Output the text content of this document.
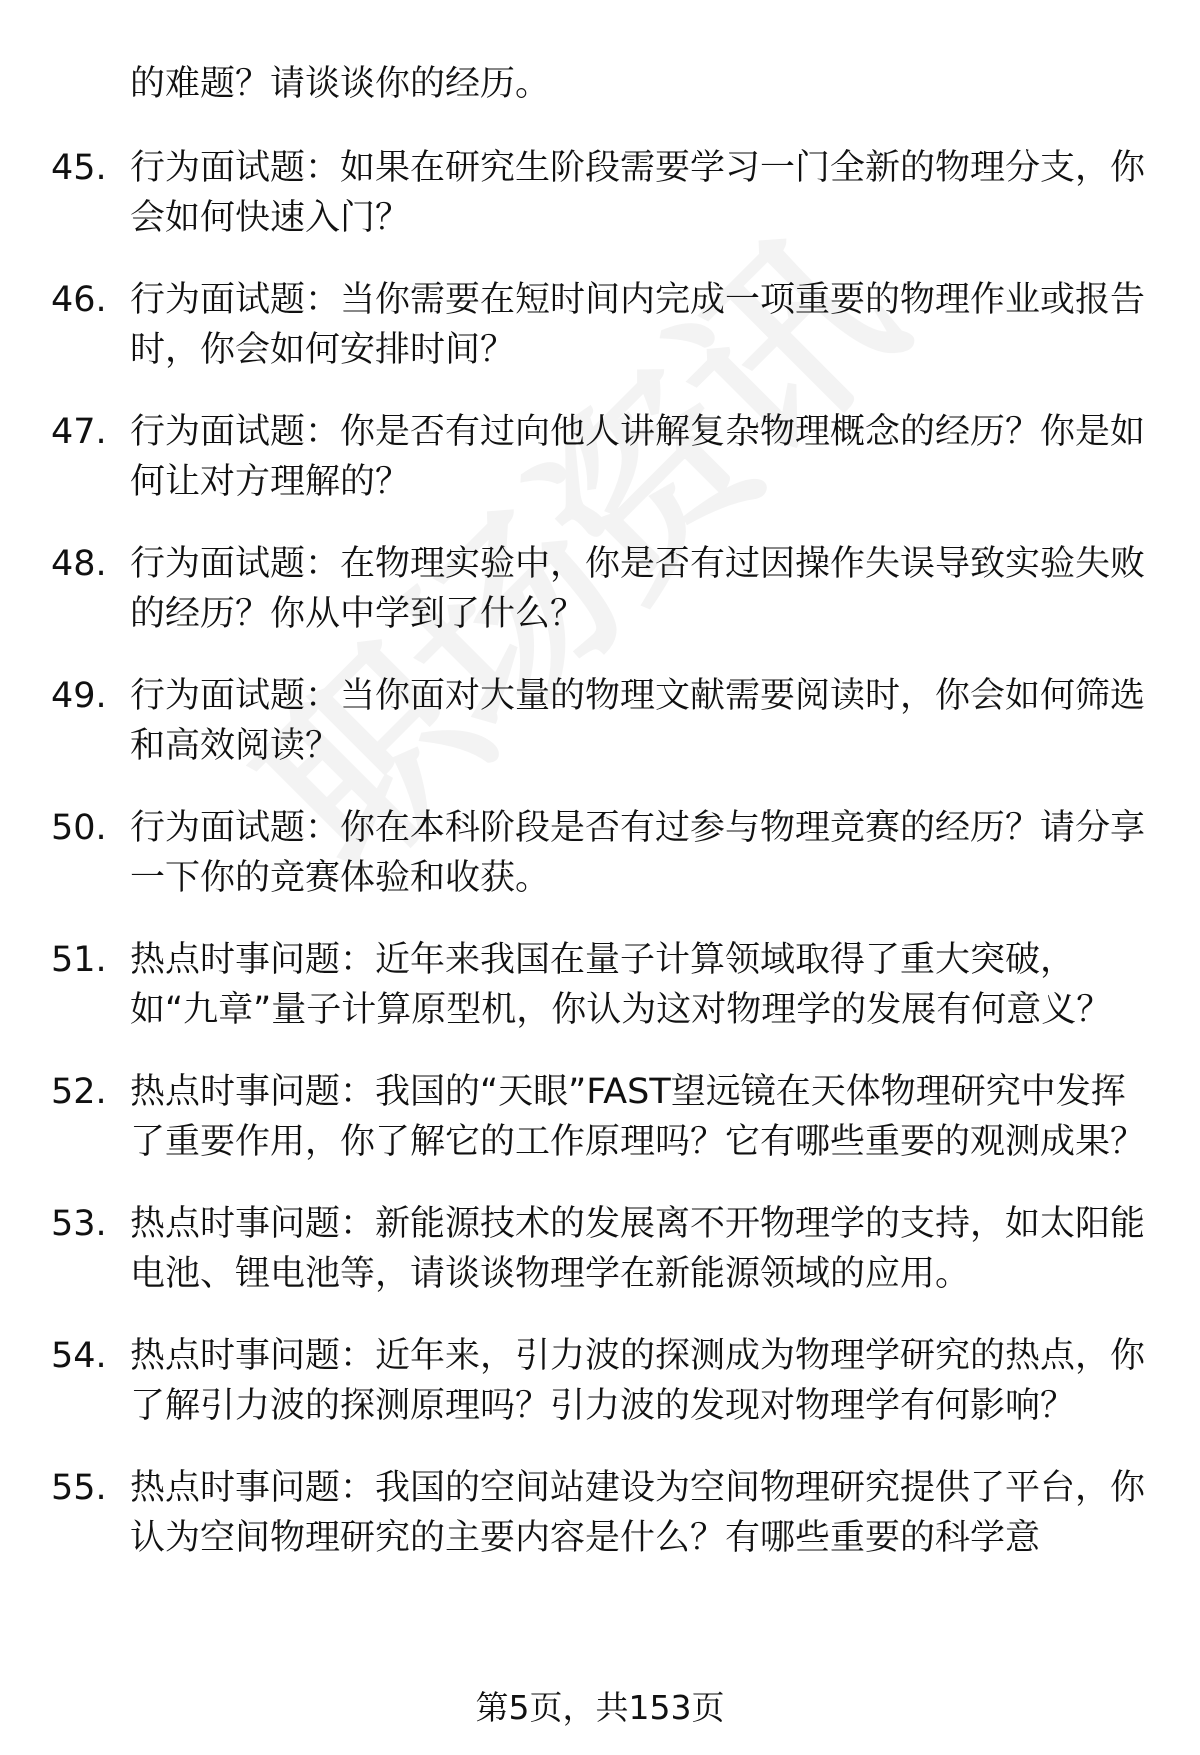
的难题？请谈谈你的经历。

45. 行为面试题：如果在研究生阶段需要学习一门全新的物理分支，你会如何快速入门？
46. 行为面试题：当你需要在短时间内完成一项重要的物理作业或报告时，你会如何安排时间？
47. 行为面试题：你是否有过向他人讲解复杂物理概念的经历？你是如何让对方理解的？
48. 行为面试题：在物理实验中，你是否有过因操作失误导致实验失败的经历？你从中学到了什么？
49. 行为面试题：当你面对大量的物理文献需要阅读时，你会如何筛选和高效阅读？
50. 行为面试题：你在本科阶段是否有过参与物理竞赛的经历？请分享一下你的竞赛体验和收获。
51. 热点时事问题：近年来我国在量子计算领域取得了重大突破，如“九章”量子计算原型机，你认为这对物理学的发展有何意义？
52. 热点时事问题：我国的“天眼”FAST望远镜在天体物理研究中发挥了重要作用，你了解它的工作原理吗？它有哪些重要的观测成果？
53. 热点时事问题：新能源技术的发展离不开物理学的支持，如太阳能电池、锂电池等，请谈谈物理学在新能源领域的应用。
54. 热点时事问题：近年来，引力波的探测成为物理学研究的热点，你了解引力波的探测原理吗？引力波的发现对物理学有何影响？
55. 热点时事问题：我国的空间站建设为空间物理研究提供了平台，你认为空间物理研究的主要内容是什么？有哪些重要的科学意
第5页，共153页
